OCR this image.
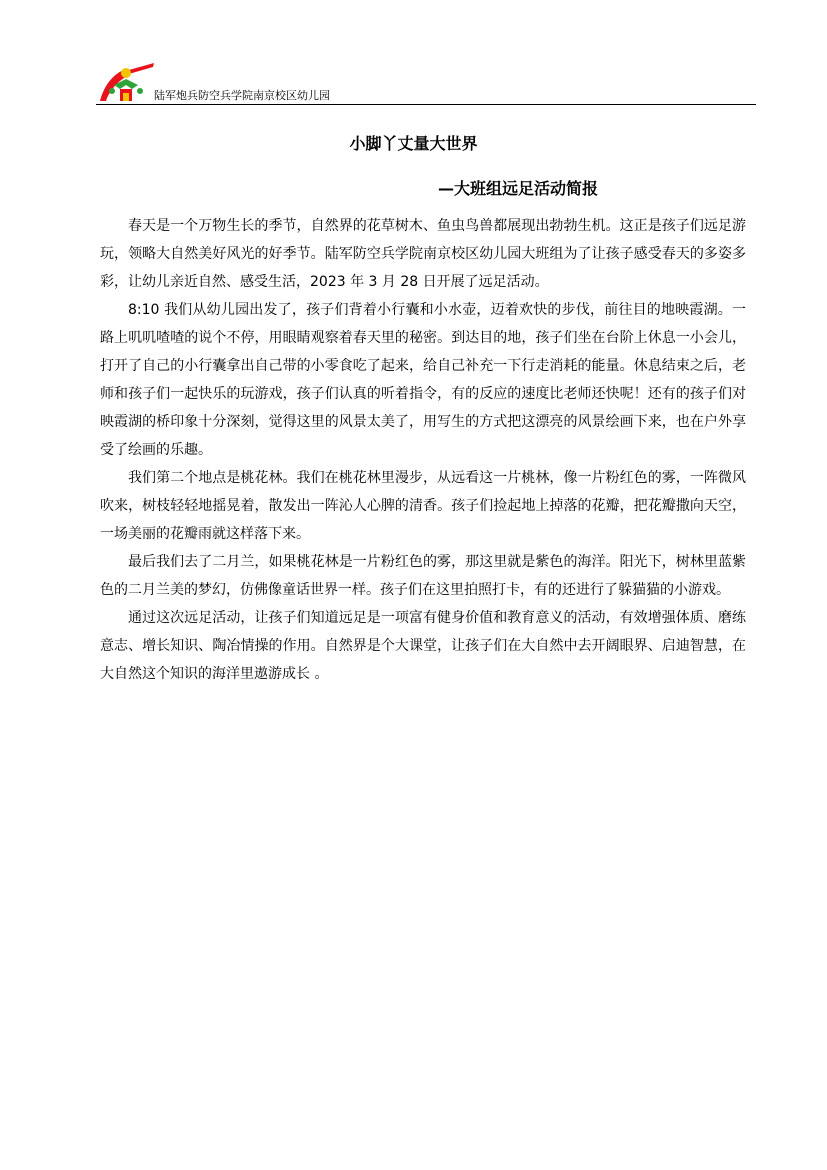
陆军炮兵防空兵学院南京校区幼儿园
小脚丫丈量大世界
—大班组远足活动简报

春天是一个万物生长的季节，自然界的花草树木、鱼虫鸟兽都展现出勃勃生机。这正是孩子们远足游玩，领略大自然美好风光的好季节。陆军防空兵学院南京校区幼儿园大班组为了让孩子感受春天的多姿多彩，让幼儿亲近自然、感受生活，2023 年 3 月 28 日开展了远足活动。

8:10 我们从幼儿园出发了，孩子们背着小行囊和小水壶，迈着欢快的步伐，前往目的地映霞湖。一路上叽叽喳喳的说个不停，用眼睛观察着春天里的秘密。到达目的地，孩子们坐在台阶上休息一小会儿，打开了自己的小行囊拿出自己带的小零食吃了起来，给自己补充一下行走消耗的能量。休息结束之后，老师和孩子们一起快乐的玩游戏，孩子们认真的听着指令，有的反应的速度比老师还快呢！还有的孩子们对映霞湖的桥印象十分深刻，觉得这里的风景太美了，用写生的方式把这漂亮的风景绘画下来，也在户外享受了绘画的乐趣。

我们第二个地点是桃花林。我们在桃花林里漫步，从远看这一片桃林，像一片粉红色的雾，一阵微风吹来，树枝轻轻地摇晃着，散发出一阵沁人心脾的清香。孩子们捡起地上掉落的花瓣，把花瓣撒向天空，一场美丽的花瓣雨就这样落下来。

最后我们去了二月兰，如果桃花林是一片粉红色的雾，那这里就是紫色的海洋。阳光下，树林里蓝紫色的二月兰美的梦幻，仿佛像童话世界一样。孩子们在这里拍照打卡，有的还进行了躲猫猫的小游戏。

通过这次远足活动，让孩子们知道远足是一项富有健身价值和教育意义的活动，有效增强体质、磨练意志、增长知识、陶冶情操的作用。自然界是个大课堂，让孩子们在大自然中去开阔眼界、启迪智慧，在大自然这个知识的海洋里遨游成长 。
